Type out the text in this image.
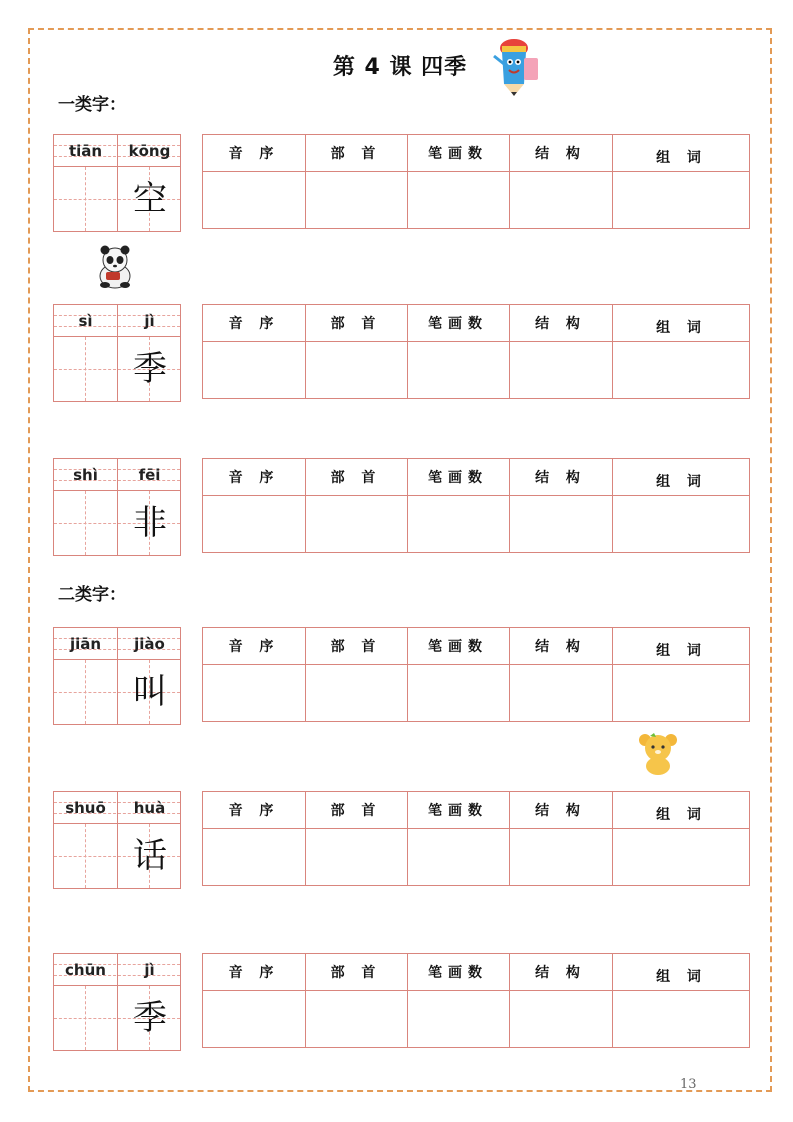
第 4 课 四季
一类字：
二类字：
tiān	kōng
空
音 序	部 首	笔画数	结 构	组 词
sì	jì
季
音 序	部 首	笔画数	结 构	组 词
shì	fēi
非
音 序	部 首	笔画数	结 构	组 词
jiān	jiào
叫
音 序	部 首	笔画数	结 构	组 词
shuō	huà
话
音 序	部 首	笔画数	结 构	组 词
chūn	jì
季
音 序	部 首	笔画数	结 构	组 词
13
